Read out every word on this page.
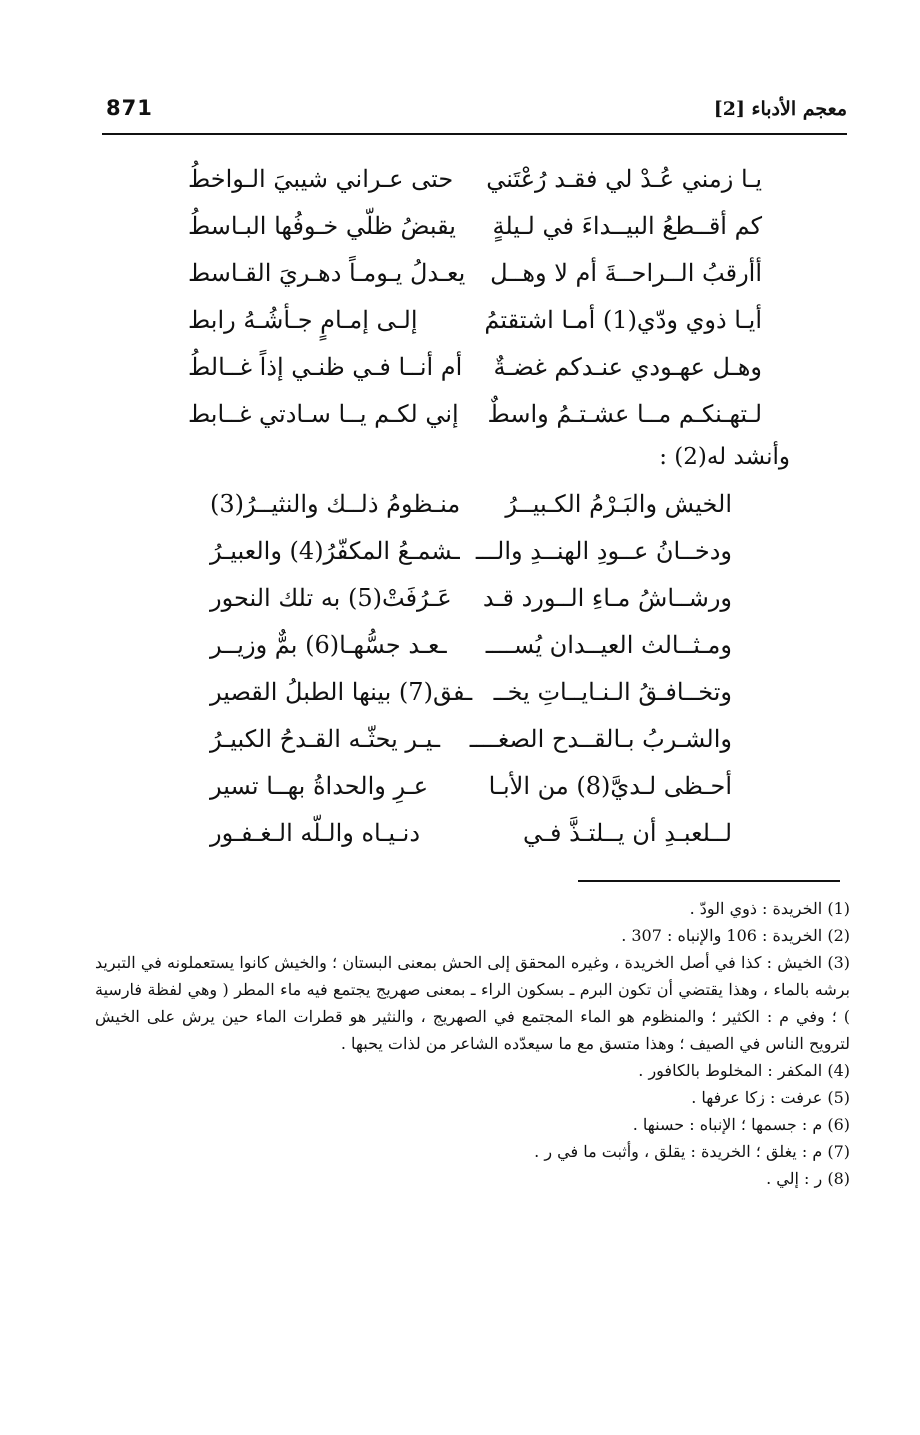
871	معجم الأدباء [2]
يـا زمني عُـدْ لي فقـد رُعْتَني
حتى عـراني شيبيَ الـواخطُ
كم أقــطعُ البيــداءَ في لـيلةٍ
يقبضُ ظلّي خـوفُها البـاسطُ
أأرقبُ الــراحــةَ أم لا وهــل
يعـدلُ يـومـاً دهـريَ القـاسط
أيـا ذوي ودّي(1) أمـا اشتقتمُ
إلـى إمـامٍ جـأشُـهُ رابط
وهـل عهـودي عنـدكم غضـةٌ
أم أنــا فـي ظنـي إذاً غــالطُ
لـتهـنكـم مــا عشـتـمُ واسطٌ
إني لكـم يــا سـادتي غــابط
وأنشد له(2) :
الخيش والبَـرْمُ الكـبيــرُ
منـظومُ ذلــك والنثيــرُ(3)
ودخــانُ عــودِ الهنــدِ والـــ
ـشمـعُ المكفّرُ(4) والعبيـرُ
ورشــاشُ مـاءِ الــورد قـد
عَـرُفَتْ(5) به تلك النحور
ومـثــالث العيــدان يُســــ
ـعـد جسُّهـا(6) بمٌّ وزيــر
وتخــافـقُ الـنـايــاتِ يخــ
ـفق(7) بينها الطبلُ القصير
والشـربُ بـالقــدح الصغــــ
ـيـر يحثّـه القـدحُ الكبيـرُ
أحـظى لـديَّ(8) من الأبـا
عـرِ والحداةُ بهــا تسير
لــلعبـدِ أن يــلتـذَّ فـي
دنـيـاه والـلّه الـغـفـور

(1) الخريدة : ذوي الودّ .

(2) الخريدة : 106 والإنباه : 307 .

(3) الخيش : كذا في أصل الخريدة ، وغيره المحقق إلى الحش بمعنى البستان ؛ والخيش كانوا يستعملونه في التبريد برشه بالماء ، وهذا يقتضي أن تكون البرم ـ بسكون الراء ـ بمعنى صهريج يجتمع فيه ماء المطر ( وهي لفظة فارسية ) ؛ وفي م : الكثير ؛ والمنظوم هو الماء المجتمع في الصهريج ، والنثير هو قطرات الماء حين يرش على الخيش لترويح الناس في الصيف ؛ وهذا متسق مع ما سيعدّده الشاعر من لذات يحبها .

(4) المكفر : المخلوط بالكافور .

(5) عرفت : زكا عرفها .

(6) م : جسمها ؛ الإنباه : حسنها .

(7) م : يغلق ؛ الخريدة : يقلق ، وأثبت ما في ر .

(8) ر : إلي .
